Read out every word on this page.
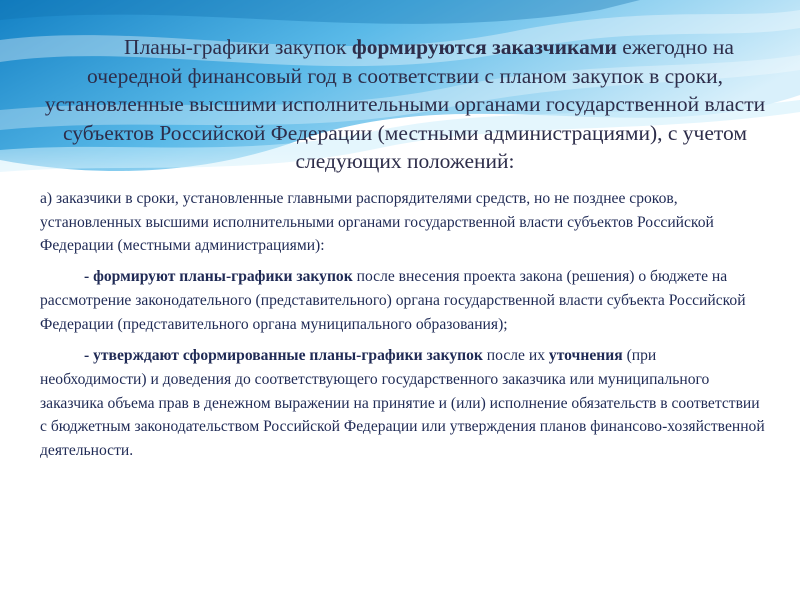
Планы-графики закупок формируются заказчиками ежегодно на очередной финансовый год в соответствии с планом закупок в сроки, установленные высшими исполнительными органами государственной власти субъектов Российской Федерации (местными администрациями), с учетом следующих положений:

а) заказчики в сроки, установленные главными распорядителями средств, но не позднее сроков, установленных высшими исполнительными органами государственной власти субъектов Российской Федерации (местными администрациями):

- формируют планы-графики закупок после внесения проекта закона (решения) о бюджете на рассмотрение законодательного (представительного) органа государственной власти субъекта Российской Федерации (представительного органа муниципального образования);

- утверждают сформированные планы-графики закупок после их уточнения (при необходимости) и доведения до соответствующего государственного заказчика или муниципального заказчика объема прав в денежном выражении на принятие и (или) исполнение обязательств в соответствии с бюджетным законодательством Российской Федерации или утверждения планов финансово-хозяйственной деятельности.
